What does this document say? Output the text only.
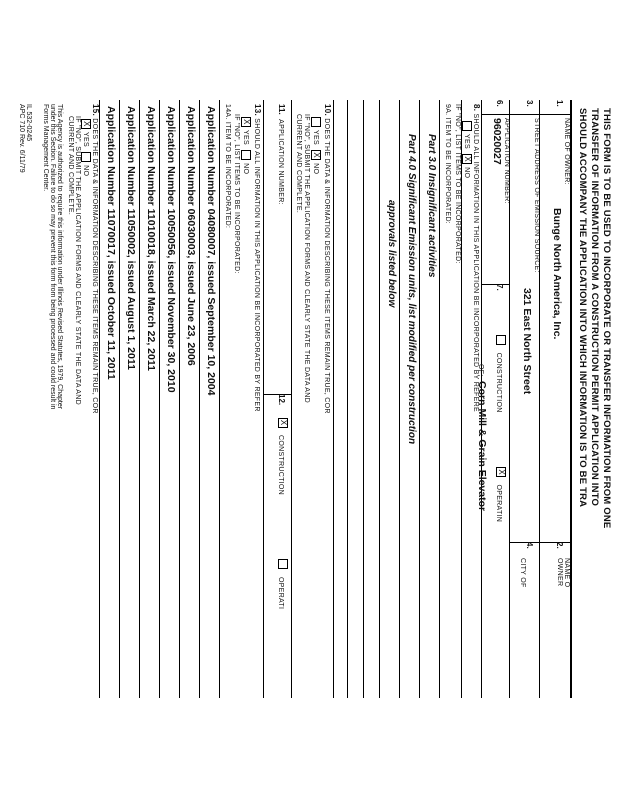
THIS FORM IS TO BE USED TO INCORPORATE OR TRANSFER INFORMATION FROM ONE
TRANSFER OF INFORMATION FROM A CONSTRUCTION PERMIT APPLICATION INTO
SHOULD ACCOMPANY THE APPLICATION INTO WHICH INFORMATION IS TO BE TRA
1.
NAME OF OWNER:
Bunge North America, Inc.
2.
NAME O
OWNER
3.
STREET ADDRESS OF EMISSION SOURCE:
321 East North Street
4.
CITY OF
6.
APPLICATION NUMBER:
96020027
7.  CONSTRUCTION X OPERATIN
OF: Corn Mill & Grain Elevator
8. SHOULD ALL INFORMATION IN THIS APPLICATION BE INCORPORATED BY REFERE
YES XNO
IF "NO", LIST ITEMS TO BE INCORPORATED:
9A. ITEM TO BE INCORPORATED:
Part 3.0 Insignificant activities
Part 4.0 Significant Emission units, list modified per construction
approvals listed below
10. DOES THE DATA & INFORMATION DESCRIBING THESE ITEMS REMAIN TRUE, COR
YES XNO
IF "NO", SUBMIT THE APPLICATION FORMS AND CLEARLY STATE THE DATA AND
CURRENT AND COMPLETE.
11. APPLICATION NUMBER:
12. X CONSTRUCTION  OPERATI
13. SHOULD ALL INFORMATION IN THIS APPLICATION BE INCORPORATED BY REFER
XYES NO
IF "NO", LIST ITEMS TO BE INCORPORATED:
14A. ITEM TO BE INCORPORATED:
Application Number 04080007, issued September 10, 2004
Application Number 06030003, issued June 23, 2006
Application Number 10050056, issued November 30, 2010
Application Number 11010018, issued March 22, 2011
Application Number 11050002, issued August 1, 2011
Application Number 11070017, issued October 11, 2011
15. DOES THE DATA & INFORMATION DESCRIBING THESE ITEMS REMAIN TRUE, COR
XYES NO
IF "NO", SUBMIT THE APPLICATION FORMS AND CLEARLY STATE THE DATA AND
CURRENT AND COMPLETE.
This Agency is authorized to require this information under Illinois Revised Statutes, 1979, Chapter
under this Section. Failure to do so may prevent this form from being processed and could result in
Forms Management Center.
IL 532-0245
APC 710 Rev. 6/11/79
